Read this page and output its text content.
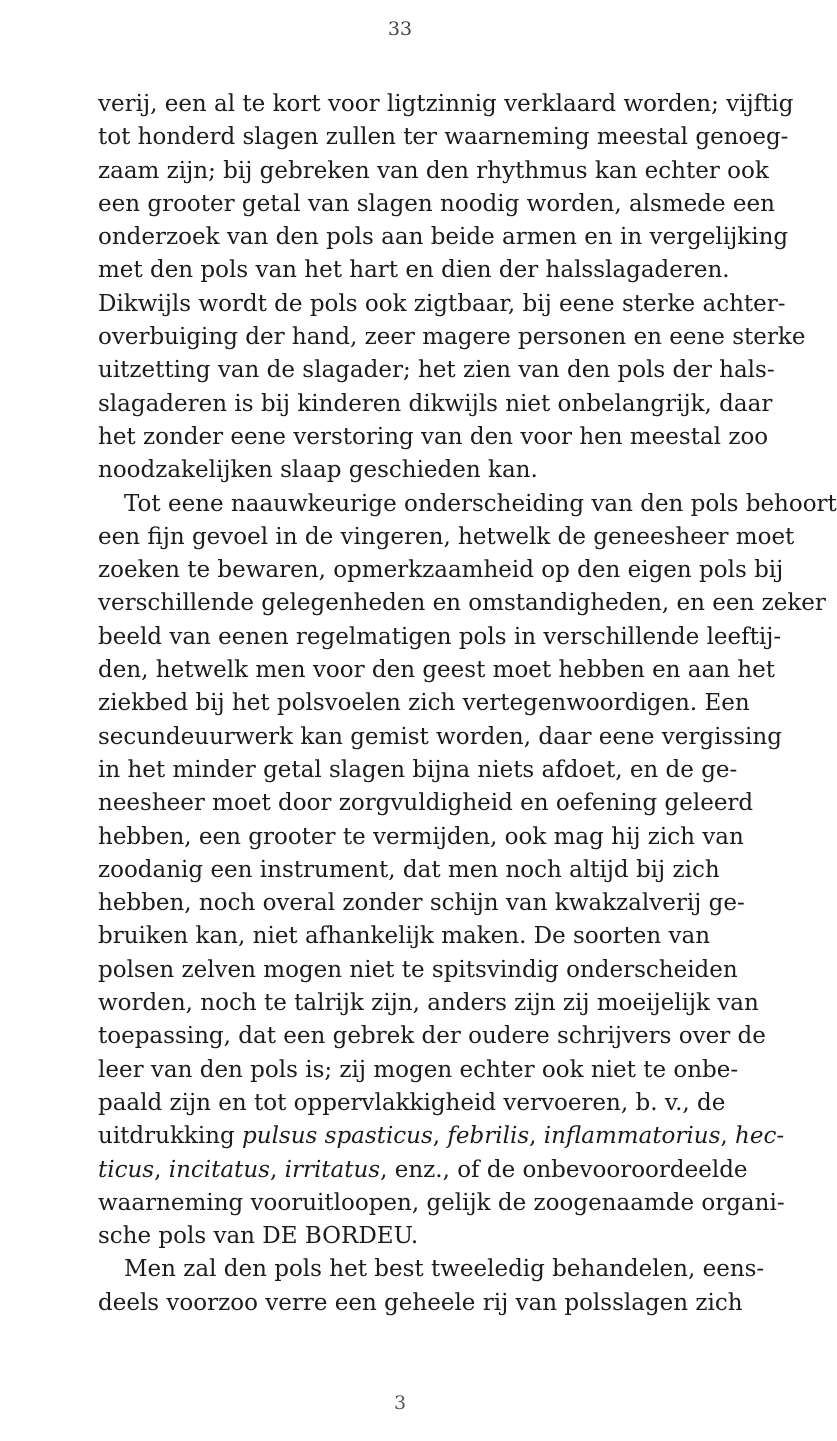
33
verij, een al te kort voor ligtzinnig verklaard worden; vijftig
tot honderd slagen zullen ter waarneming meestal genoeg-
zaam zijn; bij gebreken van den rhythmus kan echter ook
een grooter getal van slagen noodig worden, alsmede een
onderzoek van den pols aan beide armen en in vergelijking
met den pols van het hart en dien der halsslagaderen.
Dikwijls wordt de pols ook zigtbaar, bij eene sterke achter-
overbuiging der hand, zeer magere personen en eene sterke
uitzetting van de slagader; het zien van den pols der hals-
slagaderen is bij kinderen dikwijls niet onbelangrijk, daar
het zonder eene verstoring van den voor hen meestal zoo
noodzakelijken slaap geschieden kan.
Tot eene naauwkeurige onderscheiding van den pols behoort
een fijn gevoel in de vingeren, hetwelk de geneesheer moet
zoeken te bewaren, opmerkzaamheid op den eigen pols bij
verschillende gelegenheden en omstandigheden, en een zeker
beeld van eenen regelmatigen pols in verschillende leeftij-
den, hetwelk men voor den geest moet hebben en aan het
ziekbed bij het polsvoelen zich vertegenwoordigen. Een
secundeuurwerk kan gemist worden, daar eene vergissing
in het minder getal slagen bijna niets afdoet, en de ge-
neesheer moet door zorgvuldigheid en oefening geleerd
hebben, een grooter te vermijden, ook mag hij zich van
zoodanig een instrument, dat men noch altijd bij zich
hebben, noch overal zonder schijn van kwakzalverij ge-
bruiken kan, niet afhankelijk maken. De soorten van
polsen zelven mogen niet te spitsvindig onderscheiden
worden, noch te talrijk zijn, anders zijn zij moeijelijk van
toepassing, dat een gebrek der oudere schrijvers over de
leer van den pols is; zij mogen echter ook niet te onbe-
paald zijn en tot oppervlakkigheid vervoeren, b. v., de
uitdrukking pulsus spasticus, febrilis, inflammatorius, hec-
ticus, incitatus, irritatus, enz., of de onbevooroordeelde
waarneming vooruitloopen, gelijk de zoogenaamde organi-
sche pols van DE BORDEU.
Men zal den pols het best tweeledig behandelen, eens-
deels voorzoo verre een geheele rij van polsslagen zich
3
